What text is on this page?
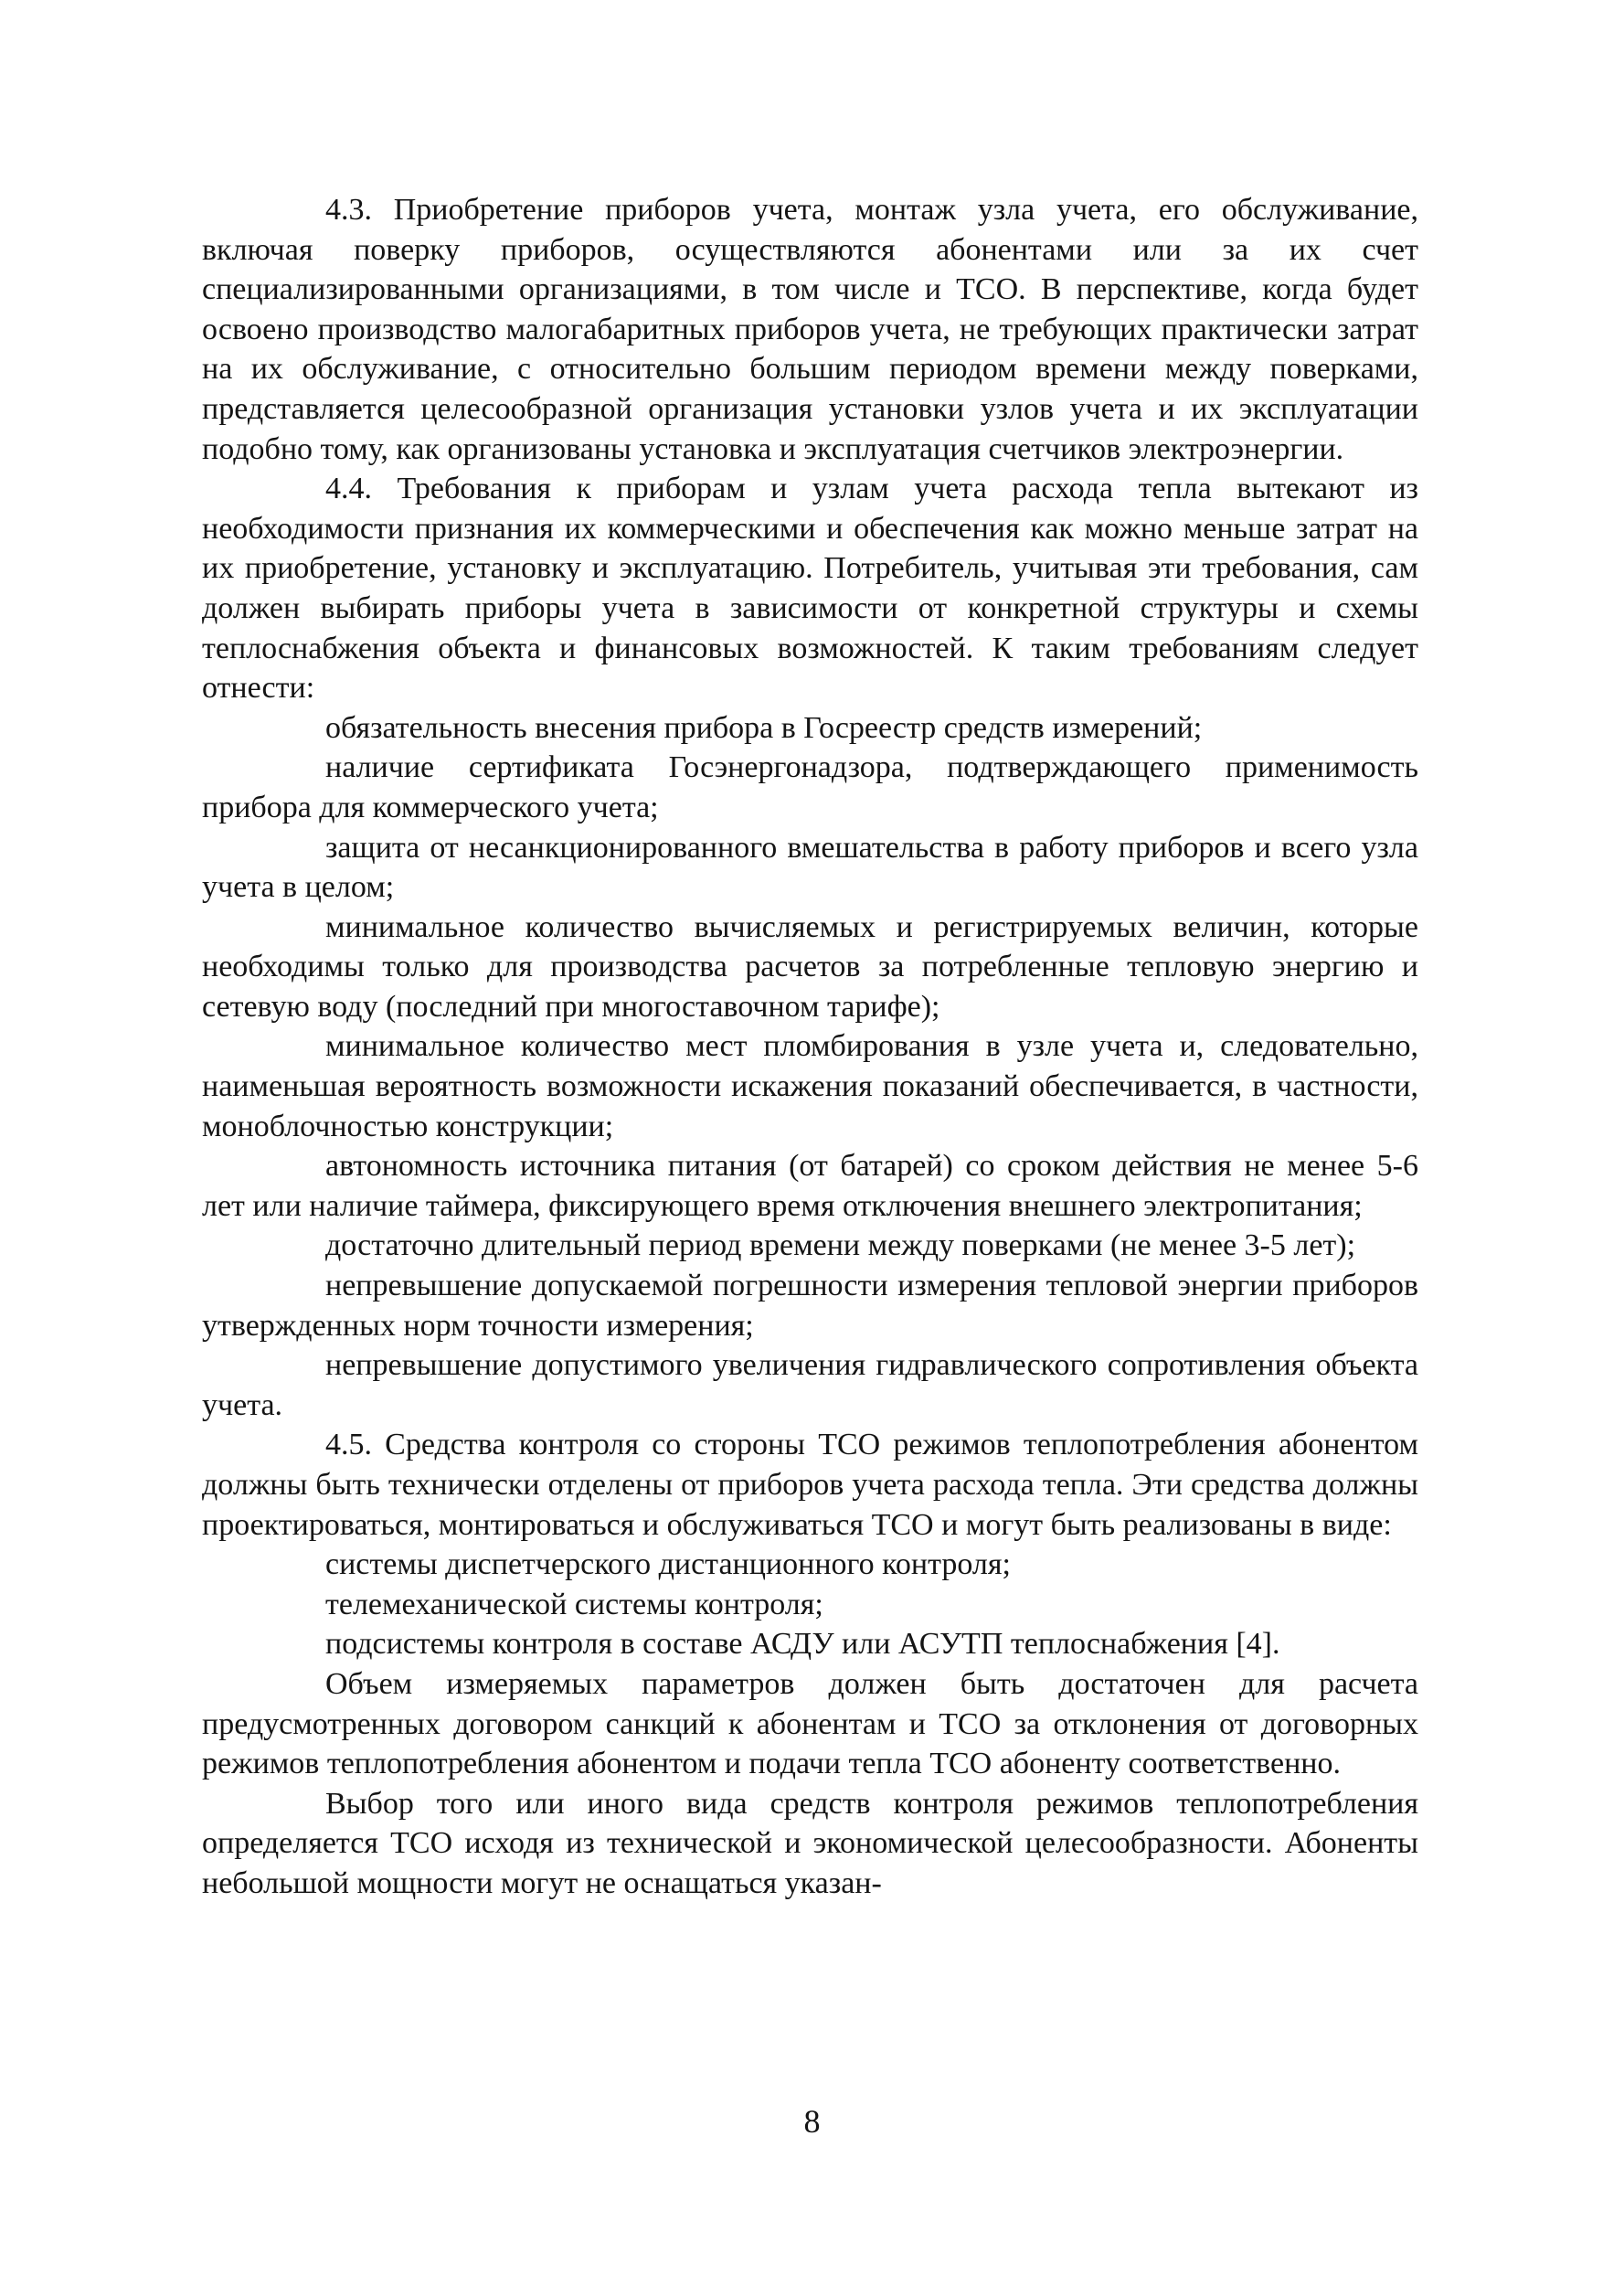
4.3. Приобретение приборов учета, монтаж узла учета, его обслуживание, включая поверку приборов, осуществляются абонентами или за их счет специализированными организациями, в том числе и ТСО. В перспективе, когда будет освоено производство малогабаритных приборов учета, не требующих практически затрат на их обслуживание, с относительно большим периодом времени между поверками, представляется целесообразной организация установки узлов учета и их эксплуатации подобно тому, как организованы установка и эксплуатация счетчиков электроэнергии.

4.4. Требования к приборам и узлам учета расхода тепла вытекают из необходимости признания их коммерческими и обеспечения как можно меньше затрат на их приобретение, установку и эксплуатацию. Потребитель, учитывая эти требования, сам должен выбирать приборы учета в зависимости от конкретной структуры и схемы теплоснабжения объекта и финансовых возможностей. К таким требованиям следует отнести:

обязательность внесения прибора в Госреестр средств измерений;

наличие сертификата Госэнергонадзора, подтверждающего применимость прибора для коммерческого учета;

защита от несанкционированного вмешательства в работу приборов и всего узла учета в целом;

минимальное количество вычисляемых и регистрируемых величин, которые необходимы только для производства расчетов за потребленные тепловую энергию и сетевую воду (последний при многоставочном тарифе);

минимальное количество мест пломбирования в узле учета и, следовательно, наименьшая вероятность возможности искажения показаний обеспечивается, в частности, моноблочностью конструкции;

автономность источника питания (от батарей) со сроком действия не менее 5-6 лет или наличие таймера, фиксирующего время отключения внешнего электропитания;

достаточно длительный период времени между поверками (не менее 3-5 лет);

непревышение допускаемой погрешности измерения тепловой энергии приборов утвержденных норм точности измерения;

непревышение допустимого увеличения гидравлического сопротивления объекта учета.

4.5. Средства контроля со стороны ТСО режимов теплопотребления абонентом должны быть технически отделены от приборов учета расхода тепла. Эти средства должны проектироваться, монтироваться и обслуживаться ТСО и могут быть реализованы в виде:

системы диспетчерского дистанционного контроля;

телемеханической системы контроля;

подсистемы контроля в составе АСДУ или АСУТП теплоснабжения [4].

Объем измеряемых параметров должен быть достаточен для расчета предусмотренных договором санкций к абонентам и ТСО за отклонения от договорных режимов теплопотребления абонентом и подачи тепла ТСО абоненту соответственно.

Выбор того или иного вида средств контроля режимов теплопотребления определяется ТСО исходя из технической и экономической целесообразности. Абоненты небольшой мощности могут не оснащаться указан-

8
